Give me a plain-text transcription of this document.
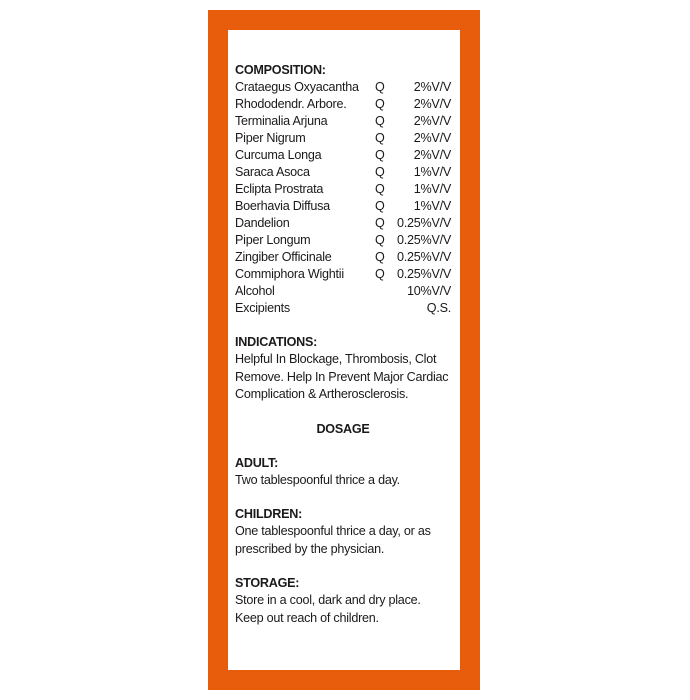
COMPOSITION:
Crataegus Oxyacantha Q 2%V/V
Rhododendr. Arbore. Q 2%V/V
Terminalia Arjuna	Q 2%V/V
Piper Nigrum	Q 2%V/V
Curcuma Longa	Q 2%V/V
Saraca Asoca	Q 1%V/V
Eclipta Prostrata	Q 1%V/V
Boerhavia Diffusa	Q 1%V/V
Dandelion	Q 0.25%V/V
Piper Longum	Q 0.25%V/V
Zingiber Officinale	Q 0.25%V/V
Commiphora Wightii Q 0.25%V/V
Alcohol	10%V/V
Excipients	Q.S.
INDICATIONS:
Helpful In Blockage, Thrombosis, Clot Remove. Help In Prevent Major Cardiac Complication & Artherosclerosis.
DOSAGE
ADULT:
Two tablespoonful thrice a day.
CHILDREN:
One tablespoonful thrice a day, or as prescribed by the physician.
STORAGE:
Store in a cool, dark and dry place. Keep out reach of children.
